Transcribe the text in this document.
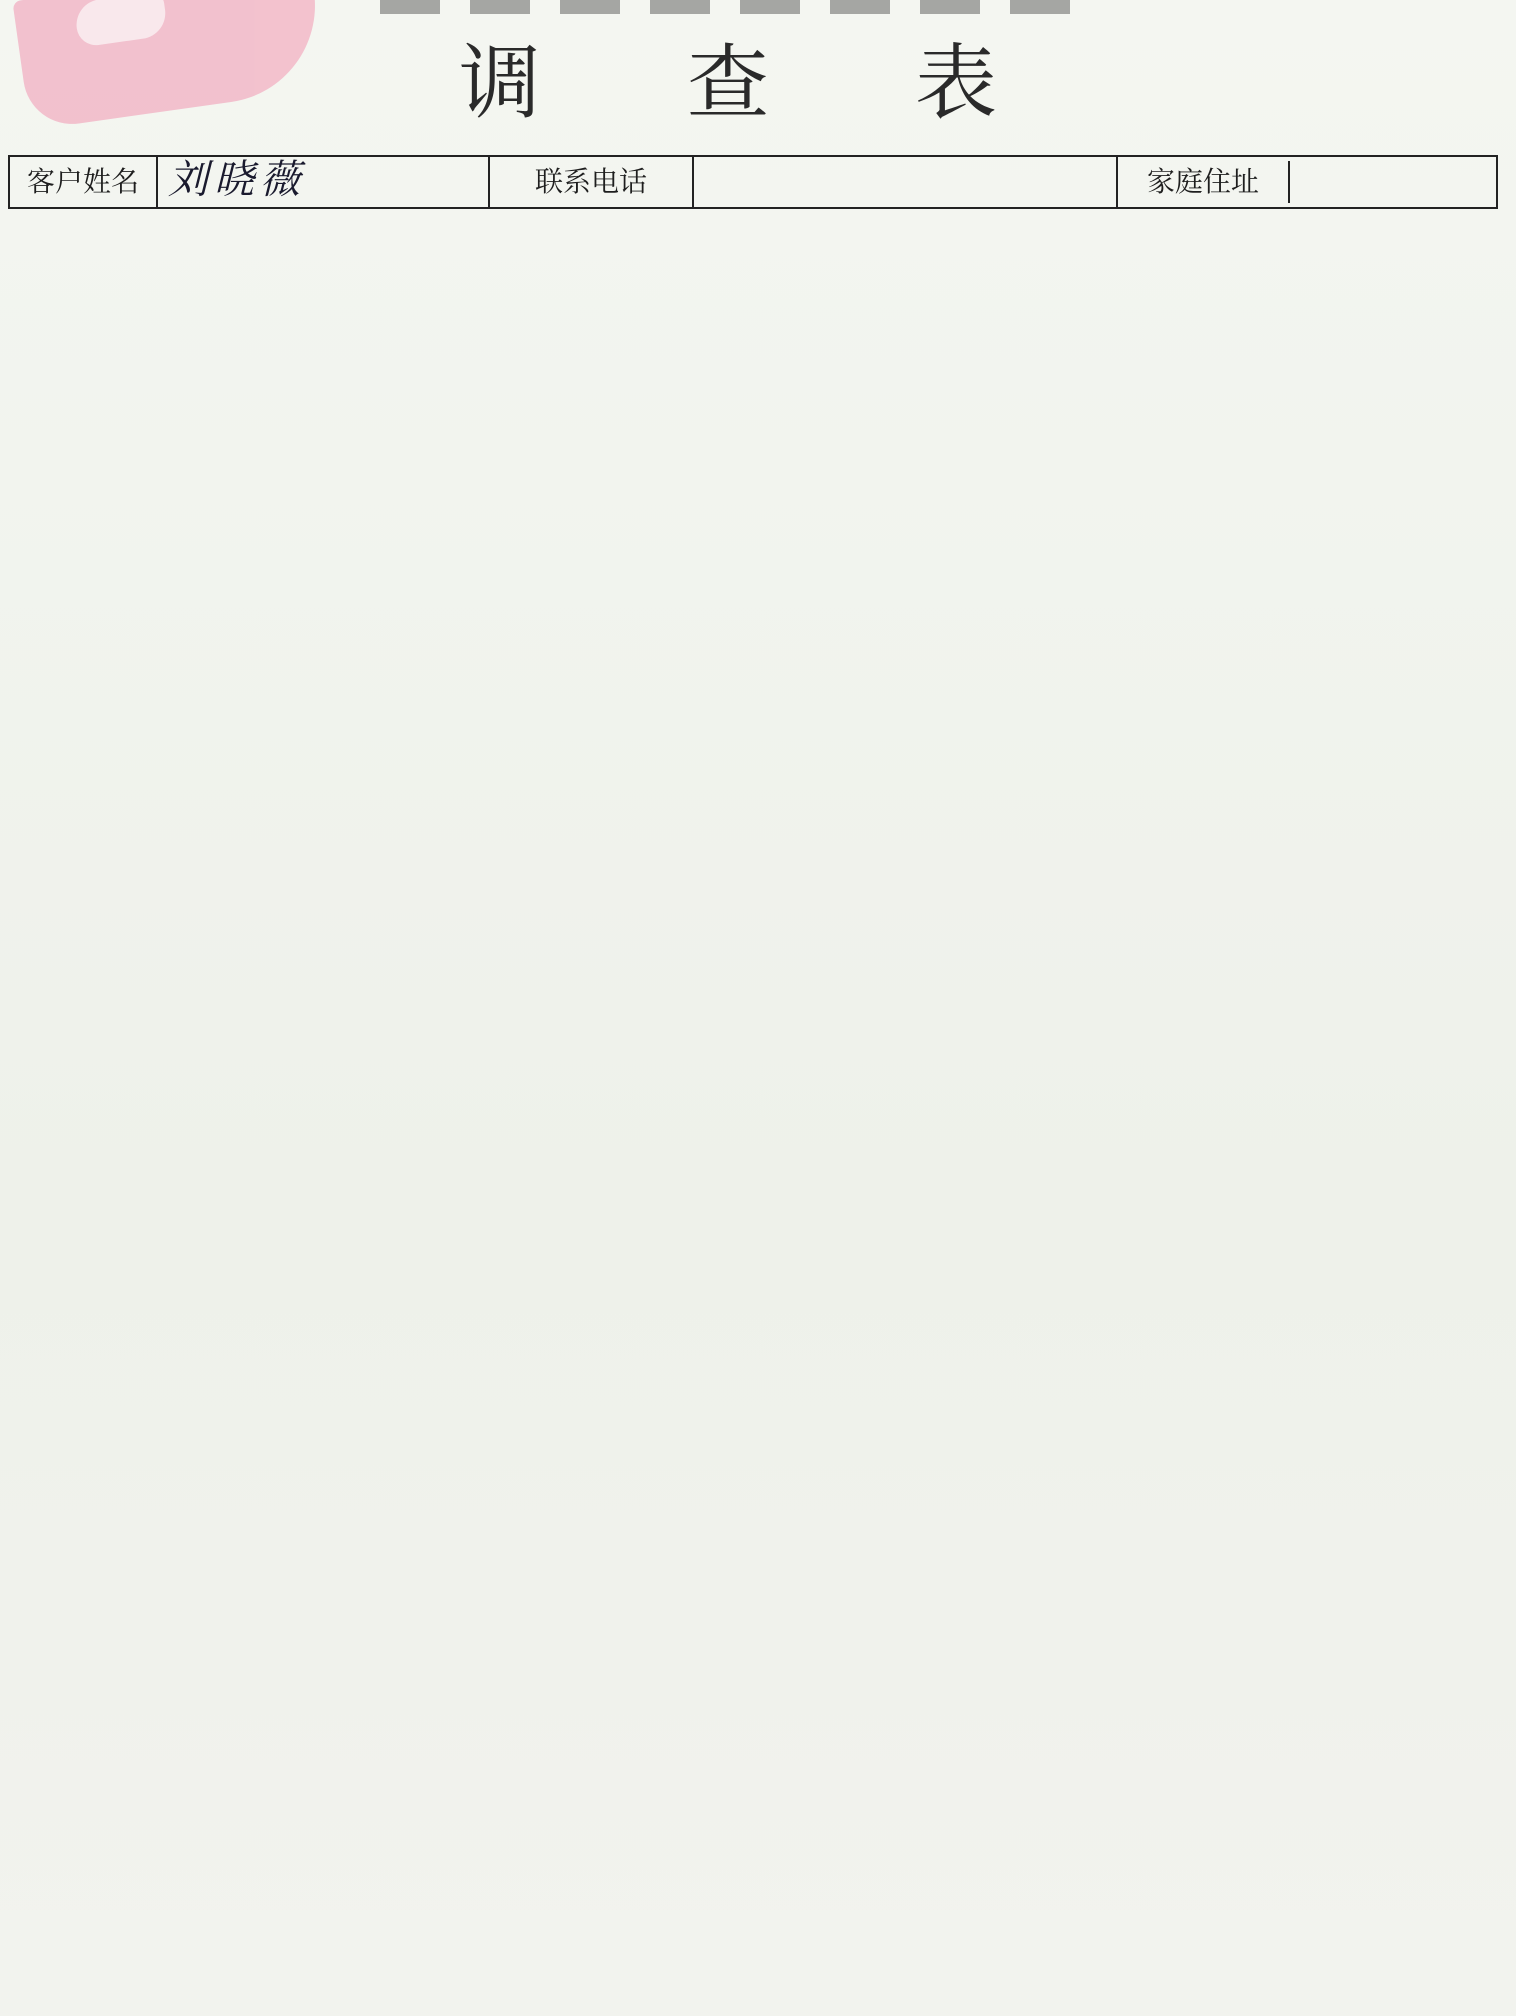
调 查 表
客户姓名	刘晓薇	联系电话		家庭住址
